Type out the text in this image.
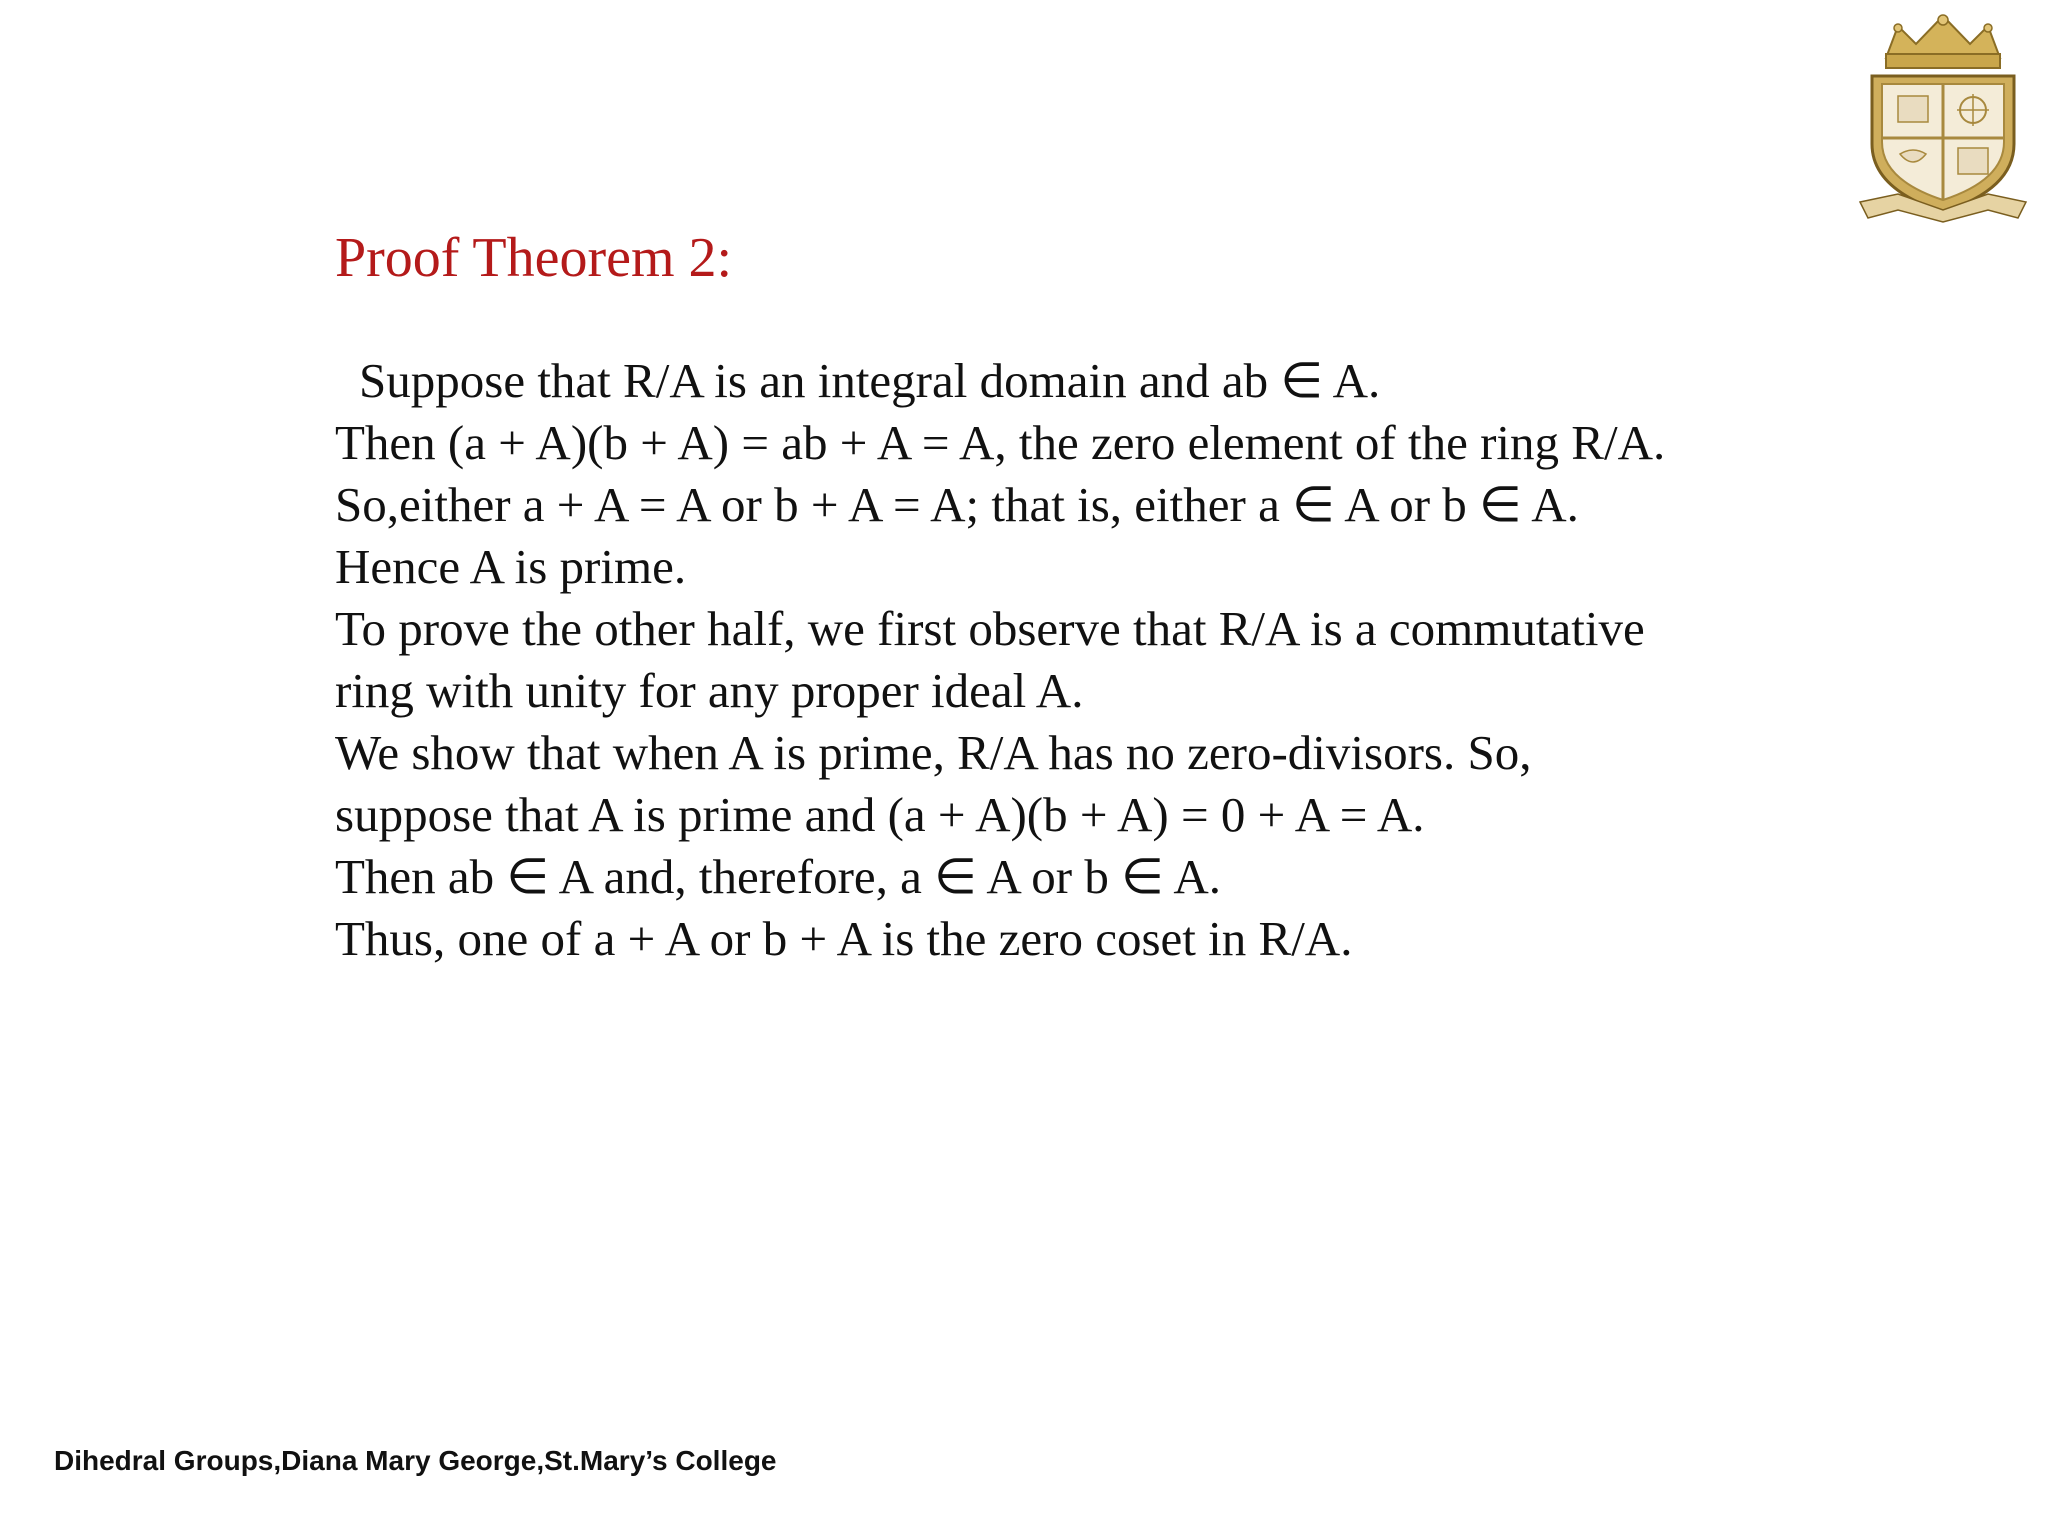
Proof Theorem 2:
Suppose that R/A is an integral domain and ab ∈ A.
Then (a + A)(b + A) = ab + A = A, the zero element of the ring R/A.
So,either a + A = A or b + A = A; that is, either a ∈ A or b ∈ A.
Hence A is prime.
To prove the other half, we first observe that R/A is a commutative
ring with unity for any proper ideal A.
We show that when A is prime, R/A has no zero-divisors. So,
suppose that A is prime and (a + A)(b + A) = 0 + A = A.
Then ab ∈ A and, therefore, a ∈ A or b ∈ A.
Thus, one of a + A or b + A is the zero coset in R/A.
Dihedral Groups,Diana Mary George,St.Mary’s College
